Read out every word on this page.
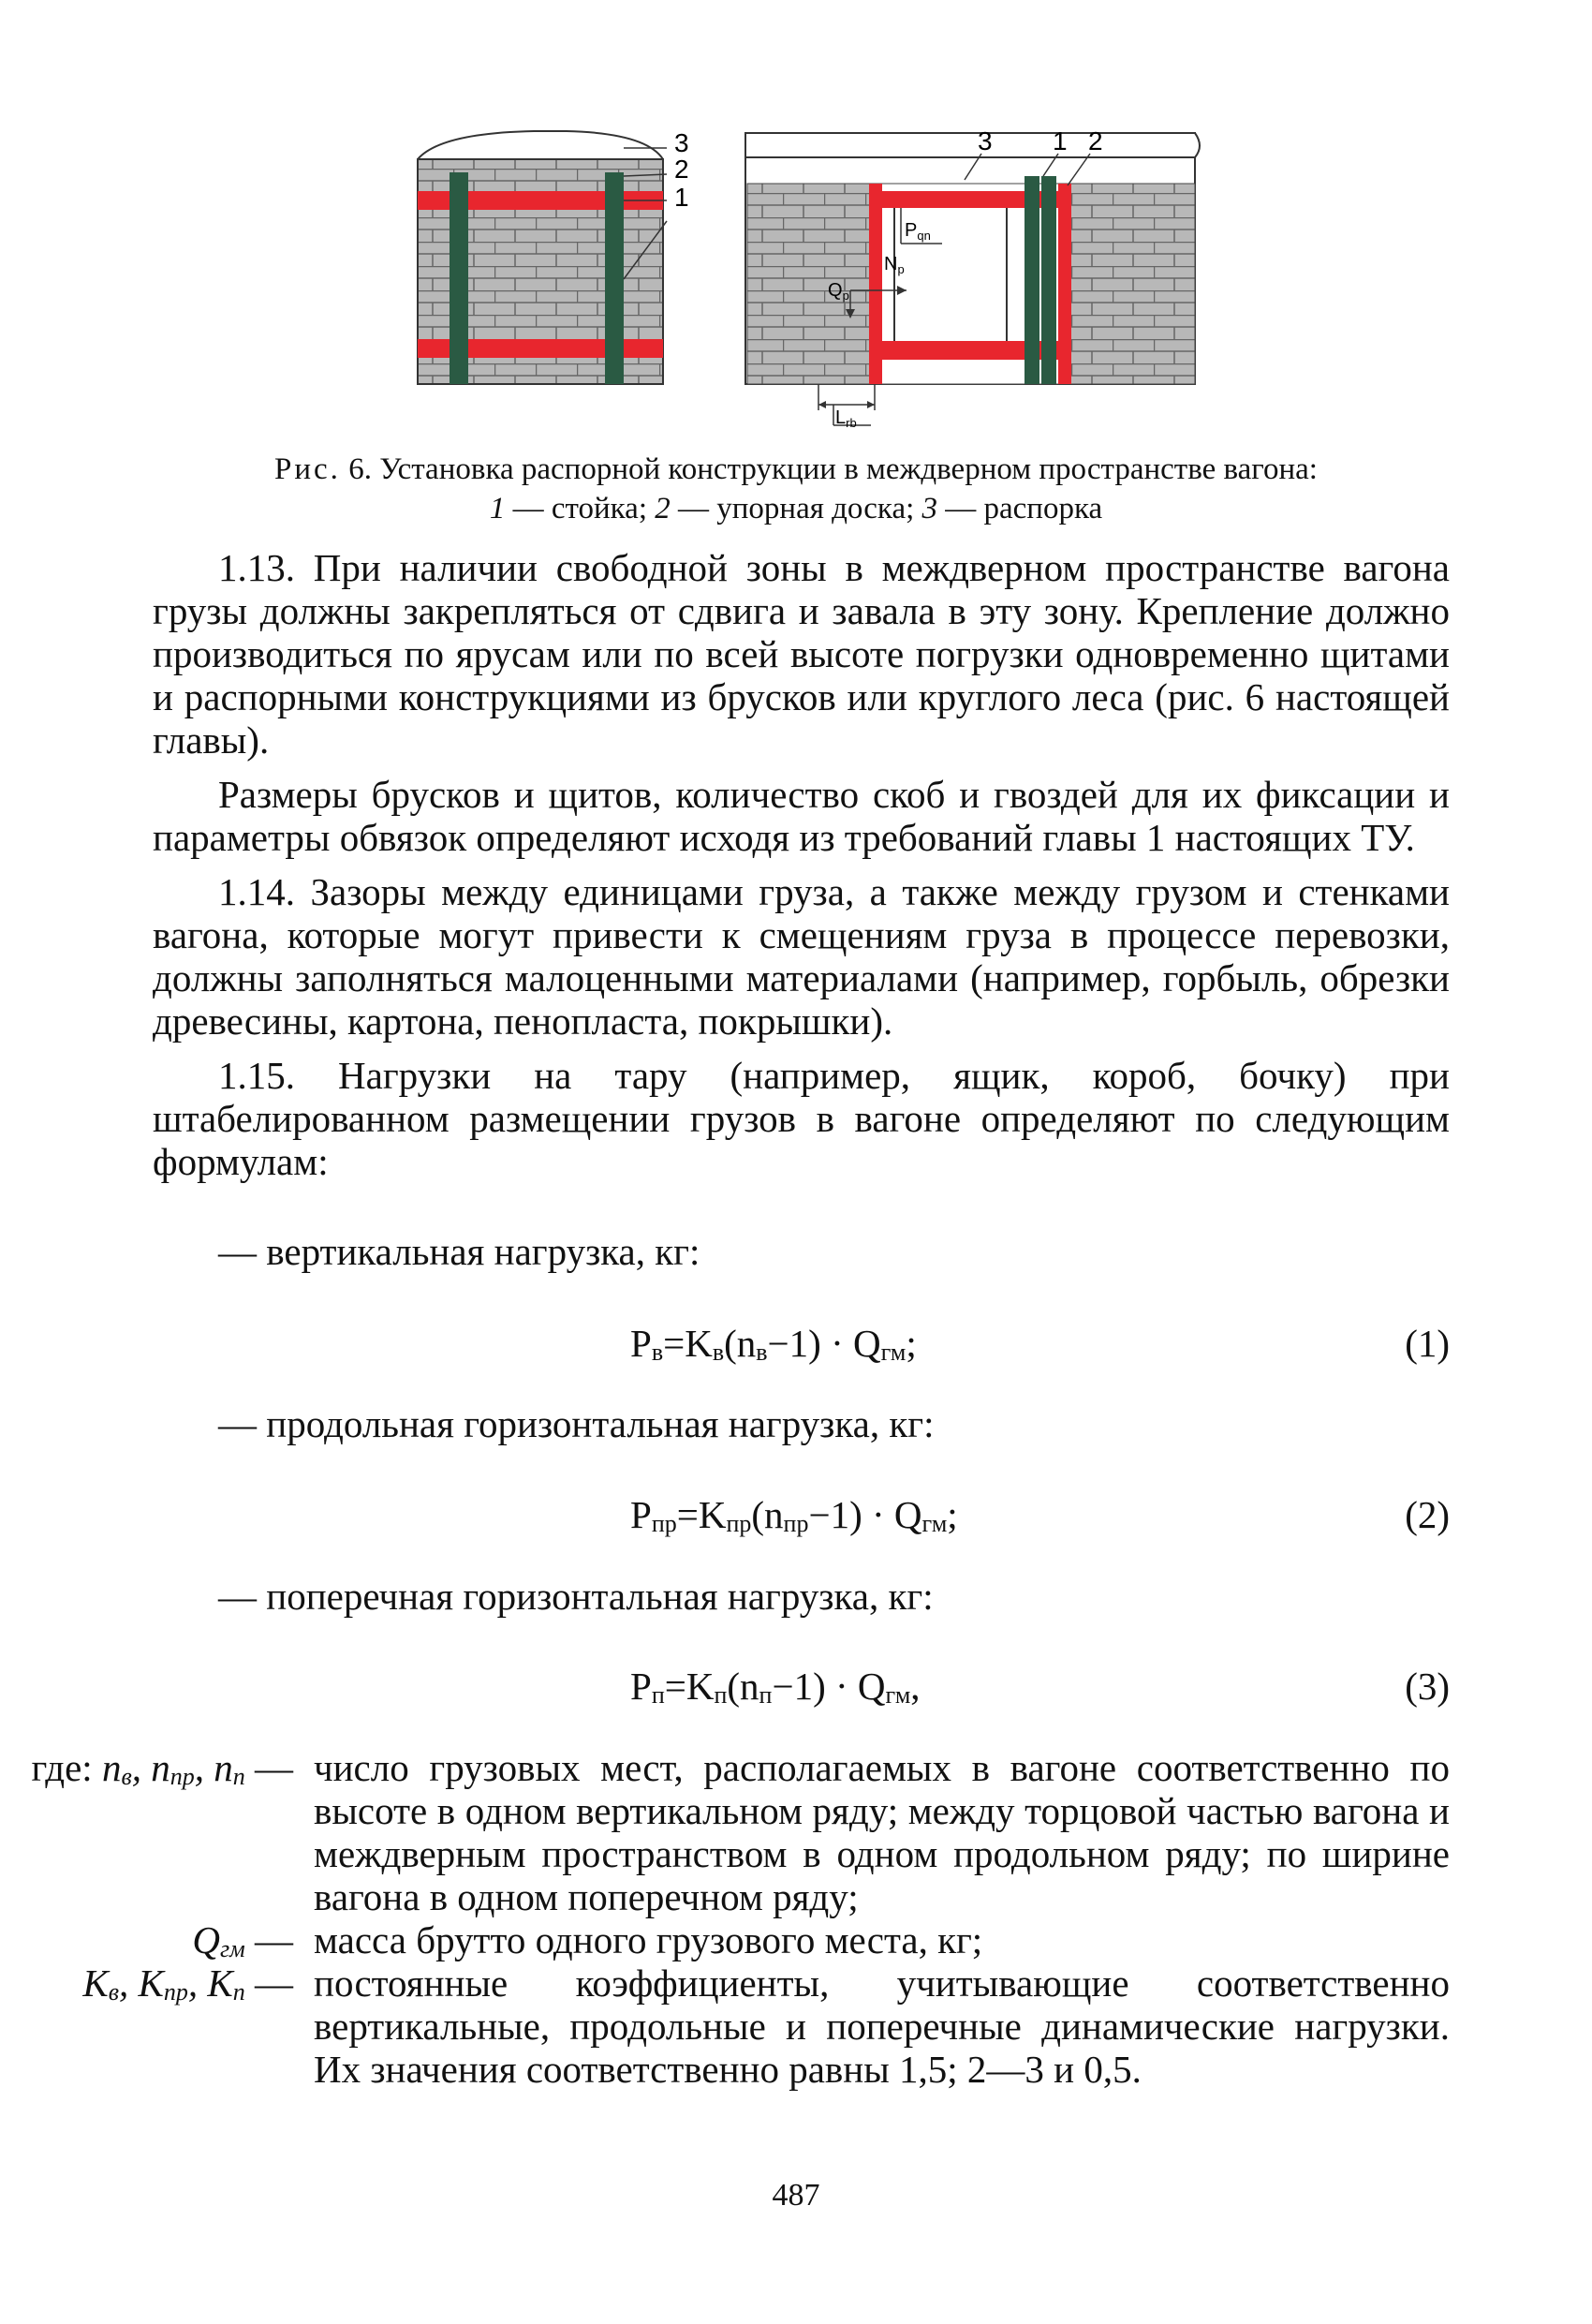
3
2
1
3 1 2
$P_{qn}$
$N_p$
$Q_p$
$L_{rb}$
Рис. 6. Установка распорной конструкции в междверном пространстве вагона:
1 — стойка; 2 — упорная доска; 3 — распорка

1.13. При наличии свободной зоны в междверном пространстве вагона грузы должны закрепляться от сдвига и завала в эту зону. Крепление должно производиться по ярусам или по всей высоте погрузки одновременно щитами и распорными конструкциями из брусков или круглого леса (рис. 6 настоящей главы).

Размеры брусков и щитов, количество скоб и гвоздей для их фиксации и параметры обвязок определяют исходя из требований главы 1 настоящих ТУ.

1.14. Зазоры между единицами груза, а также между грузом и стенками вагона, которые могут привести к смещениям груза в процессе перевозки, должны заполняться малоценными материалами (например, горбыль, обрезки древесины, картона, пенопласта, покрышки).

1.15. Нагрузки на тару (например, ящик, короб, бочку) при штабелированном размещении грузов в вагоне определяют по следующим формулам:

— вертикальная нагрузка, кг:
$P_в=K_в(n_в-1) \cdot Q_{гм}$;	(1)
— продольная горизонтальная нагрузка, кг:
$P_{пр}=K_{пр}(n_{пр}-1) \cdot Q_{гм}$;	(2)
— поперечная горизонтальная нагрузка, кг:
$P_п=K_п(n_п-1) \cdot Q_{гм}$,	(3)
где: $n_в$, $n_{пр}$, $n_п$ — число грузовых мест, располагаемых в вагоне соответственно по высоте в одном вертикальном ряду; между торцовой частью вагона и междверным пространством в одном продольном ряду; по ширине вагона в одном поперечном ряду;
$Q_{гм}$ — масса брутто одного грузового места, кг;
$K_в$, $K_{пр}$, $K_п$ — постоянные коэффициенты, учитывающие соответственно вертикальные, продольные и поперечные динамические нагрузки. Их значения соответственно равны 1,5; 2—3 и 0,5.
487
